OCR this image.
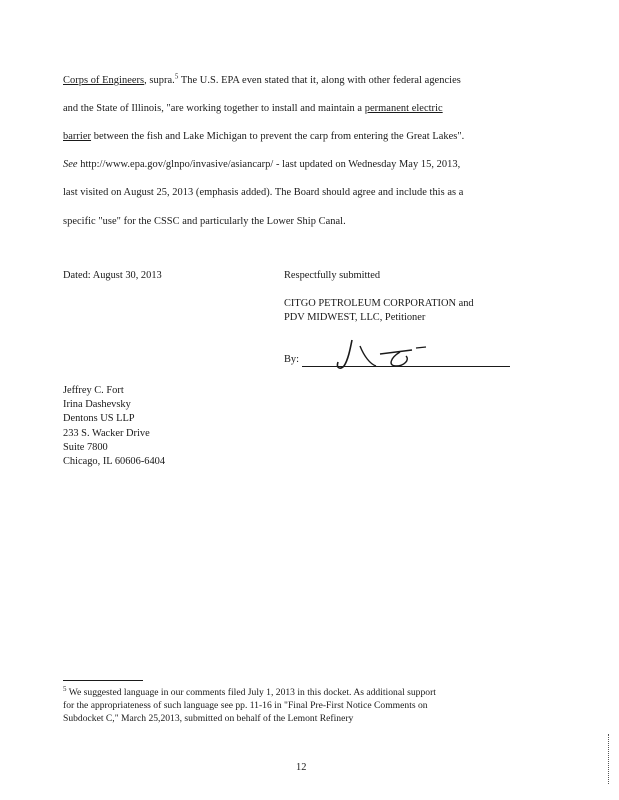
Corps of Engineers, supra.$^5$ The U.S. EPA even stated that it, along with other federal agencies
and the State of Illinois, "are working together to install and maintain a permanent electric
barrier between the fish and Lake Michigan to prevent the carp from entering the Great Lakes".
See http://www.epa.gov/glnpo/invasive/asiancarp/ - last updated on Wednesday May 15, 2013,
last visited on August 25, 2013 (emphasis added). The Board should agree and include this as a
specific "use" for the CSSC and particularly the Lower Ship Canal.
Dated: August 30, 2013	Respectfully submitted
CITGO PETROLEUM CORPORATION and
PDV MIDWEST, LLC, Petitioner
By:
Jeffrey C. Fort
Irina Dashevsky
Dentons US LLP
233 S. Wacker Drive
Suite 7800
Chicago, IL 60606-6404
$^5$ We suggested language in our comments filed July 1, 2013 in this docket. As additional support
for the appropriateness of such language see pp. 11-16 in "Final Pre-First Notice Comments on
Subdocket C," March 25,2013, submitted on behalf of the Lemont Refinery
12
